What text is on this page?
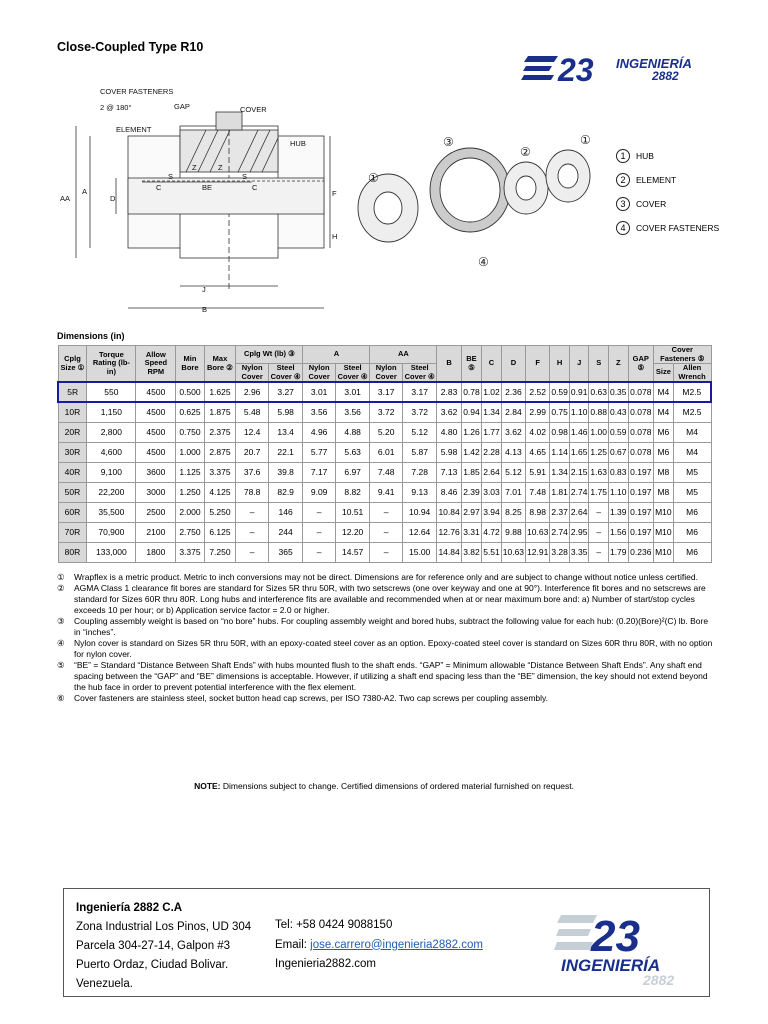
Close-Coupled Type R10
23 INGENIERÍA
2882
COVER FASTENERS
2 @ 180°	GAP	COVER
ELEMENT
HUB
S
BE
S
C	C
Z	Z
AA
A
D
F
H
J
B
①
③
②
①
④
1	HUB
2	ELEMENT
3	COVER
4	COVER FASTENERS
Dimensions (in)
Cplg Size ①	Torque Rating (lb-in)	Allow Speed RPM	Min Bore	Max Bore ②	Cplg Wt (lb) ③		A		AA		B	BE ⑤	C	D	F	H	J	S	Z	GAP ⑤	Cover Fasteners ⑤	
					Nylon Cover	Steel Cover ④	Nylon Cover	Steel Cover ④	Nylon Cover	Steel Cover ④											Size	Allen Wrench
5R	550	4500	0.500	1.625	2.96	3.27	3.01	3.01	3.17	3.17	2.83	0.78	1.02	2.36	2.52	0.59	0.91	0.63	0.35	0.078	M4	M2.5
10R	1,150	4500	0.625	1.875	5.48	5.98	3.56	3.56	3.72	3.72	3.62	0.94	1.34	2.84	2.99	0.75	1.10	0.88	0.43	0.078	M4	M2.5
20R	2,800	4500	0.750	2.375	12.4	13.4	4.96	4.88	5.20	5.12	4.80	1.26	1.77	3.62	4.02	0.98	1.46	1.00	0.59	0.078	M6	M4
30R	4,600	4500	1.000	2.875	20.7	22.1	5.77	5.63	6.01	5.87	5.98	1.42	2.28	4.13	4.65	1.14	1.65	1.25	0.67	0.078	M6	M4
40R	9,100	3600	1.125	3.375	37.6	39.8	7.17	6.97	7.48	7.28	7.13	1.85	2.64	5.12	5.91	1.34	2.15	1.63	0.83	0.197	M8	M5
50R	22,200	3000	1.250	4.125	78.8	82.9	9.09	8.82	9.41	9.13	8.46	2.39	3.03	7.01	7.48	1.81	2.74	1.75	1.10	0.197	M8	M5
60R	35,500	2500	2.000	5.250	–	146	–	10.51	–	10.94	10.84	2.97	3.94	8.25	8.98	2.37	2.64	–	1.39	0.197	M10	M6
70R	70,900	2100	2.750	6.125	–	244	–	12.20	–	12.64	12.76	3.31	4.72	9.88	10.63	2.74	2.95	–	1.56	0.197	M10	M6
80R	133,000	1800	3.375	7.250	–	365	–	14.57	–	15.00	14.84	3.82	5.51	10.63	12.91	3.28	3.35	–	1.79	0.236	M10	M6
①	Wrapflex is a metric product. Metric to inch conversions may not be direct. Dimensions are for reference only and are subject to change without notice unless certified.
②	AGMA Class 1 clearance fit bores are standard for Sizes 5R thru 50R, with two setscrews (one over keyway and one at 90°). Interference fit bores and no setscrews are standard for Sizes 60R thru 80R. Long hubs and interference fits are available and recommended when at or near maximum bore and: a) Number of start/stop cycles exceeds 10 per hour; or b) Application service factor = 2.0 or higher.
③	Coupling assembly weight is based on “no bore” hubs. For coupling assembly weight and bored hubs, subtract the following value for each hub: (0.20)(Bore)²(C) lb. Bore in “inches”.
④	Nylon cover is standard on Sizes 5R thru 50R, with an epoxy-coated steel cover as an option. Epoxy-coated steel cover is standard on Sizes 60R thru 80R, with no option for nylon cover.
⑤	“BE” = Standard “Distance Between Shaft Ends” with hubs mounted flush to the shaft ends. “GAP” = Minimum allowable “Distance Between Shaft Ends”. Any shaft end spacing between the “GAP” and “BE” dimensions is acceptable. However, if utilizing a shaft end spacing less than the “BE” dimension, the key should not extend beyond the hub face in order to prevent potential interference with the flex element.
⑥	Cover fasteners are stainless steel, socket button head cap screws, per ISO 7380-A2. Two cap screws per coupling assembly.
NOTE: Dimensions subject to change. Certified dimensions of ordered material furnished on request.
Ingeniería 2882 C.A
Zona Industrial Los Pinos, UD 304
Parcela 304-27-14, Galpon #3
Puerto Ordaz, Ciudad Bolivar.
Venezuela.
Tel: +58 0424 9088150
Email: jose.carrero@ingenieria2882.com
Ingenieria2882.com
23
INGENIERÍA
2882
